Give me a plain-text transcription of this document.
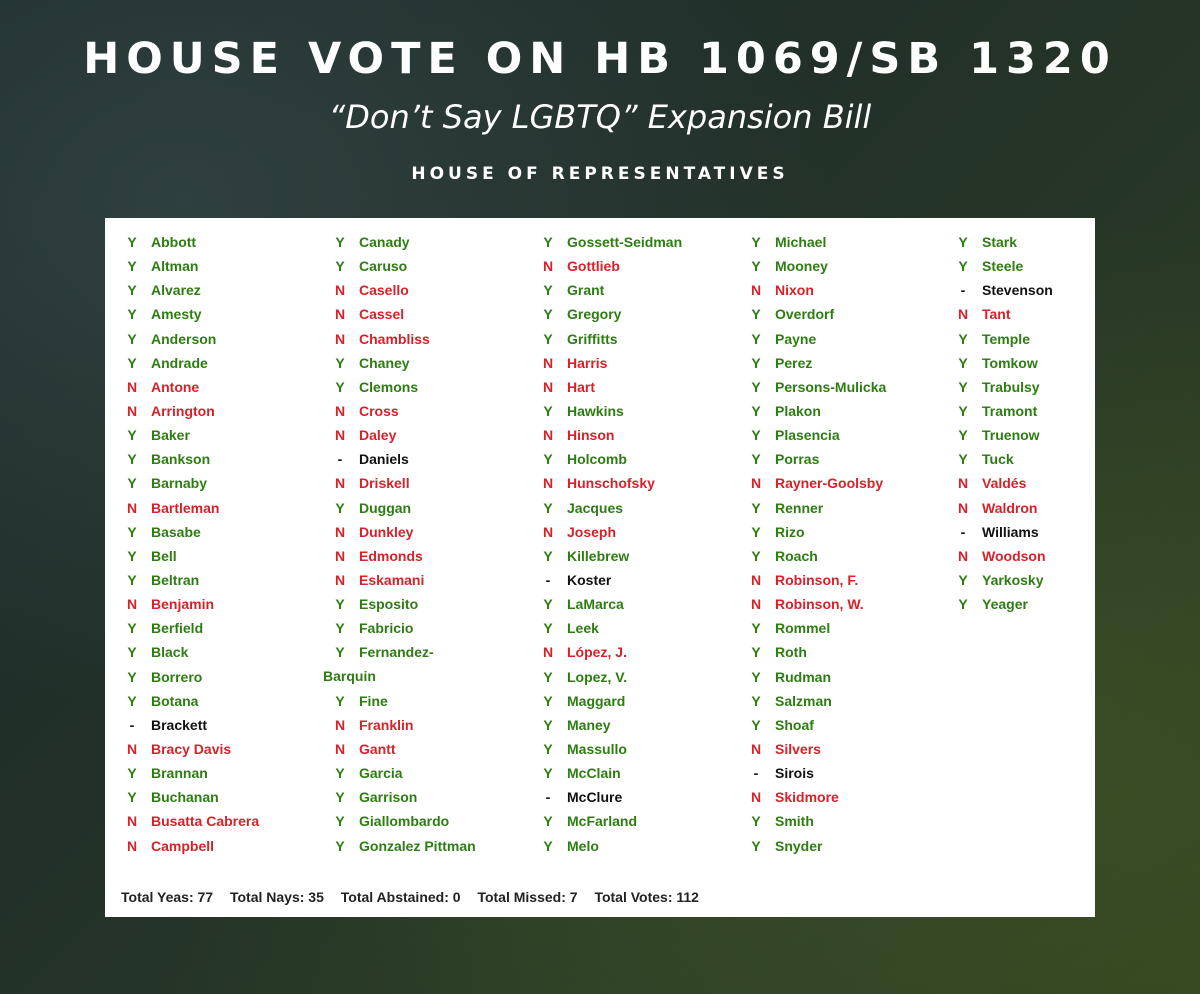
HOUSE VOTE ON HB 1069/SB 1320
“Don’t Say LGBTQ” Expansion Bill
HOUSE OF REPRESENTATIVES
Y Abbott
Y Altman
Y Alvarez
Y Amesty
Y Anderson
Y Andrade
N Antone
N Arrington
Y Baker
Y Bankson
Y Barnaby
N Bartleman
Y Basabe
Y Bell
Y Beltran
N Benjamin
Y Berfield
Y Black
Y Borrero
Y Botana
-	Brackett
N Bracy Davis
Y Brannan
Y Buchanan
N Busatta Cabrera
N Campbell
Y Canady
Y Caruso
N Casello
N Cassel
N Chambliss
Y Chaney
Y Clemons
N Cross
N Daley
-	Daniels
N Driskell
Y Duggan
N Dunkley
N Edmonds
N Eskamani
Y Esposito
Y Fabricio
Y Fernandez-
Barquin
Y Fine
N Franklin
N Gantt
Y Garcia
Y Garrison
Y Giallombardo
Y Gonzalez Pittman
Y Gossett-Seidman
N Gottlieb
Y Grant
Y Gregory
Y Griffitts
N Harris
N Hart
Y Hawkins
N Hinson
Y Holcomb
N Hunschofsky
Y Jacques
N Joseph
Y Killebrew
-	Koster
Y LaMarca
Y Leek
N López, J.
Y Lopez, V.
Y Maggard
Y Maney
Y Massullo
Y McClain
-	McClure
Y McFarland
Y Melo
Y Michael
Y Mooney
N Nixon
Y Overdorf
Y Payne
Y Perez
Y Persons-Mulicka
Y Plakon
Y Plasencia
Y Porras
N Rayner-Goolsby
Y Renner
Y Rizo
Y Roach
N Robinson, F.
N Robinson, W.
Y Rommel
Y Roth
Y Rudman
Y Salzman
Y Shoaf
N Silvers
-	Sirois
N Skidmore
Y Smith
Y Snyder
Y Stark
Y Steele
-	Stevenson
N Tant
Y Temple
Y Tomkow
Y Trabulsy
Y Tramont
Y Truenow
Y Tuck
N Valdés
N Waldron
-	Williams
N Woodson
Y Yarkosky
Y Yeager
Total Yeas: 77 Total Nays: 35 Total Abstained: 0 Total Missed: 7 Total Votes: 112
